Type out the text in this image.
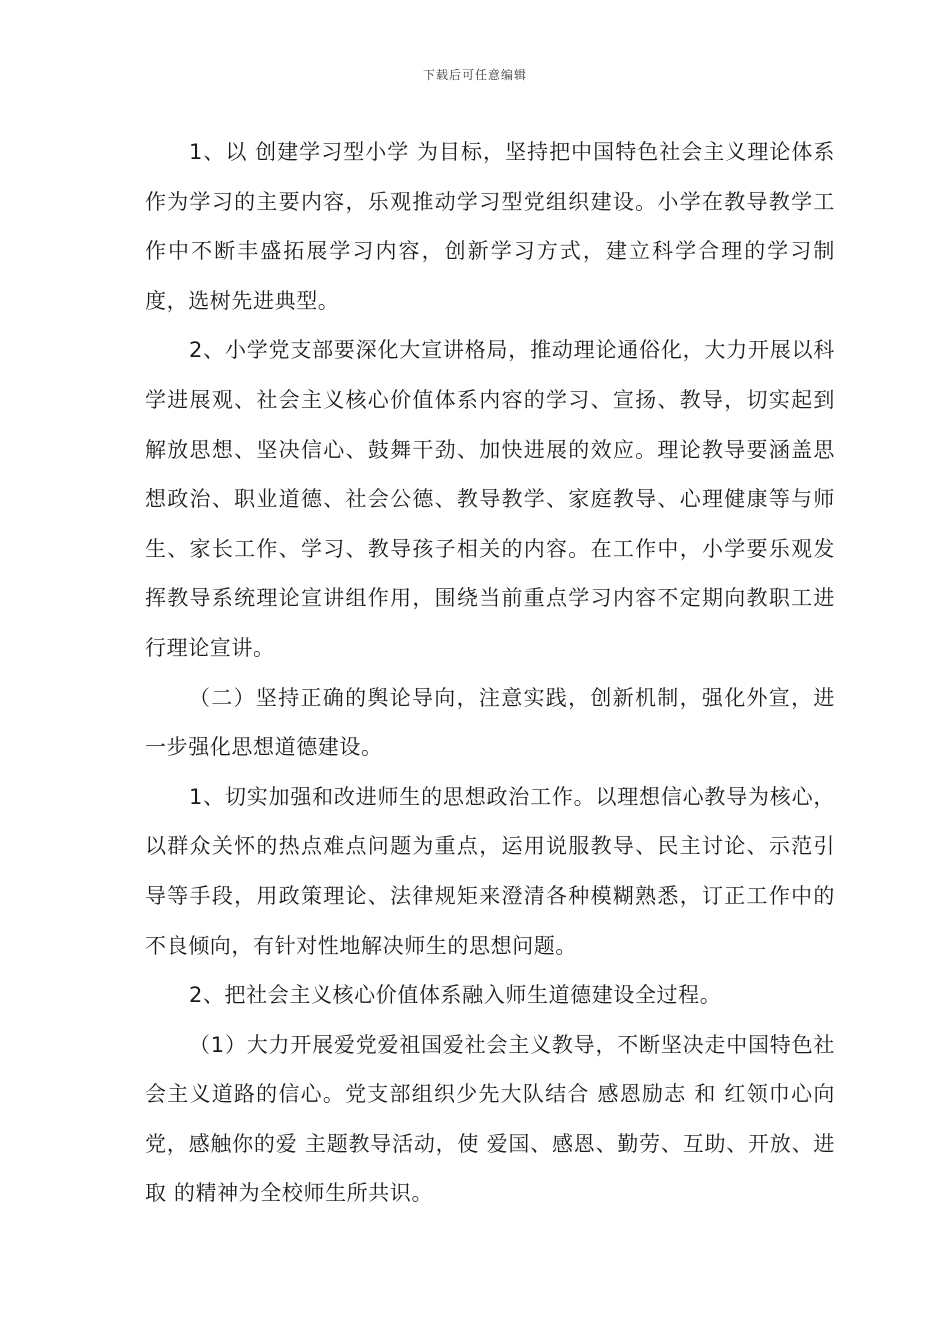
下载后可任意编辑

1、以 创建学习型小学 为目标，坚持把中国特色社会主义理论体系作为学习的主要内容，乐观推动学习型党组织建设。小学在教导教学工作中不断丰盛拓展学习内容，创新学习方式，建立科学合理的学习制度，选树先进典型。

2、小学党支部要深化大宣讲格局，推动理论通俗化，大力开展以科学进展观、社会主义核心价值体系内容的学习、宣扬、教导，切实起到解放思想、坚决信心、鼓舞干劲、加快进展的效应。理论教导要涵盖思想政治、职业道德、社会公德、教导教学、家庭教导、心理健康等与师生、家长工作、学习、教导孩子相关的内容。在工作中，小学要乐观发挥教导系统理论宣讲组作用，围绕当前重点学习内容不定期向教职工进行理论宣讲。

（二）坚持正确的舆论导向，注意实践，创新机制，强化外宣，进一步强化思想道德建设。

1、切实加强和改进师生的思想政治工作。以理想信心教导为核心，以群众关怀的热点难点问题为重点，运用说服教导、民主讨论、示范引导等手段，用政策理论、法律规矩来澄清各种模糊熟悉，订正工作中的不良倾向，有针对性地解决师生的思想问题。

2、把社会主义核心价值体系融入师生道德建设全过程。

（1）大力开展爱党爱祖国爱社会主义教导，不断坚决走中国特色社会主义道路的信心。党支部组织少先大队结合 感恩励志 和 红领巾心向党，感触你的爱 主题教导活动，使 爱国、感恩、勤劳、互助、开放、进取 的精神为全校师生所共识。
